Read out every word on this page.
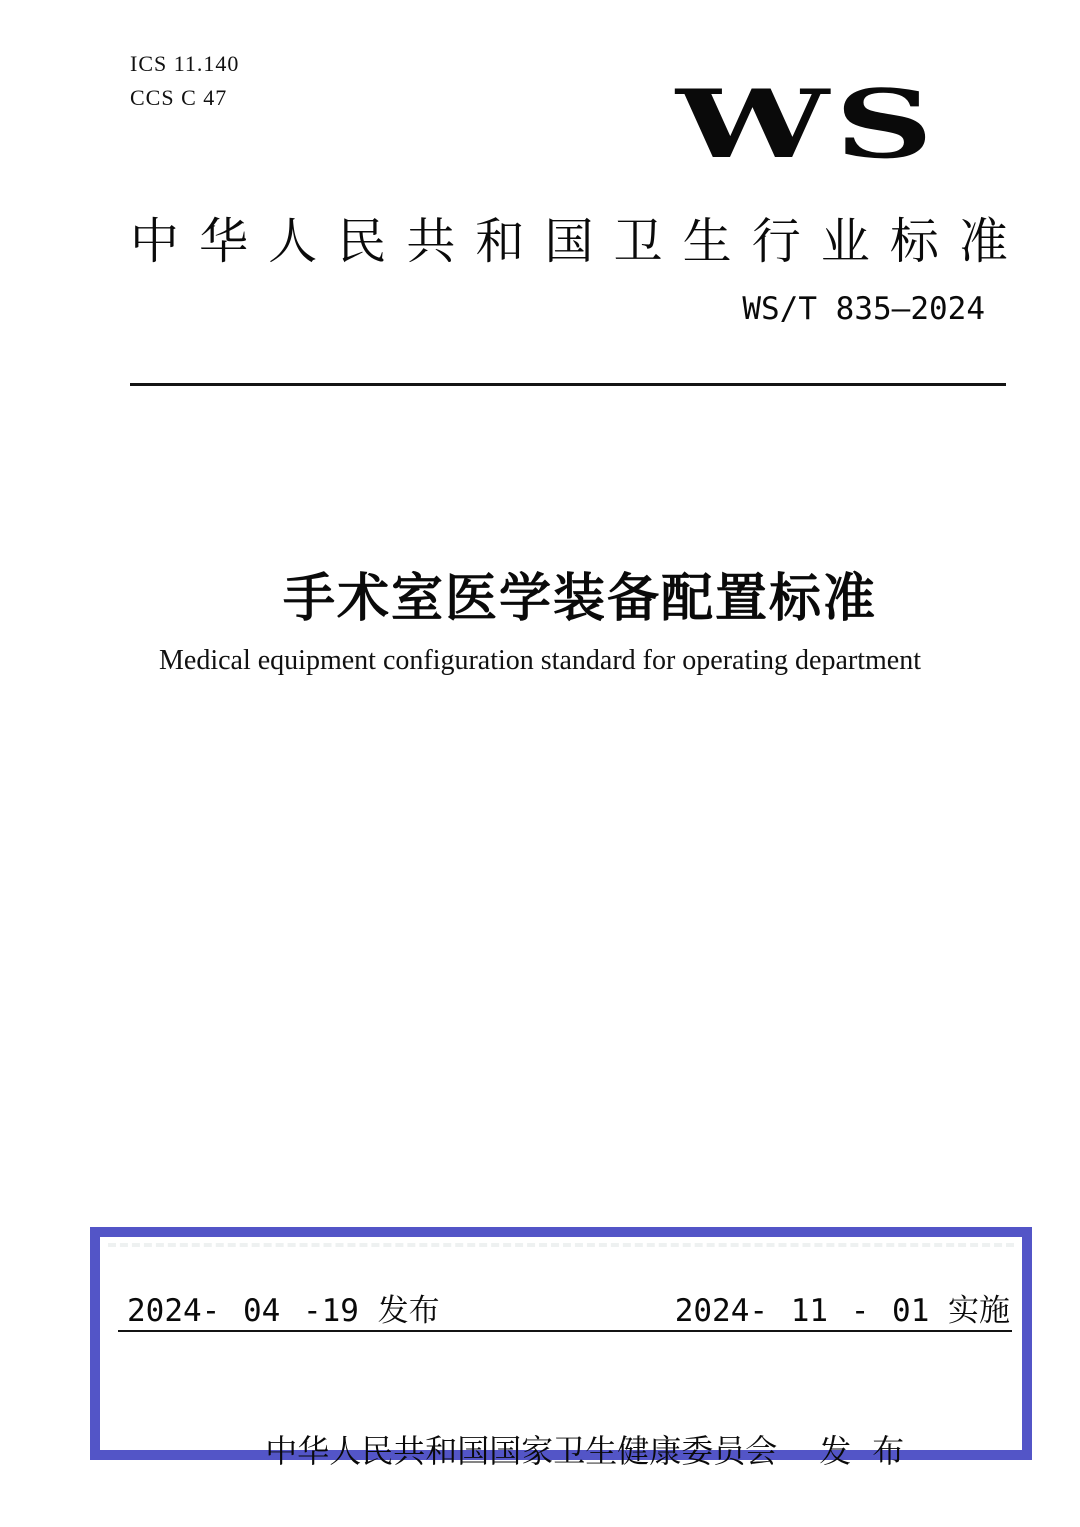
ICS 11.140
CCS C 47	WS
中 华 人 民 共 和 国 卫 生 行 业 标 准
WS/T 835—2024
手术室医学装备配置标准
Medical equipment configuration standard for operating department
2024- 04 -19 发布	2024- 11 - 01 实施

中华人民共和国国家卫生健康委员会 发 布
